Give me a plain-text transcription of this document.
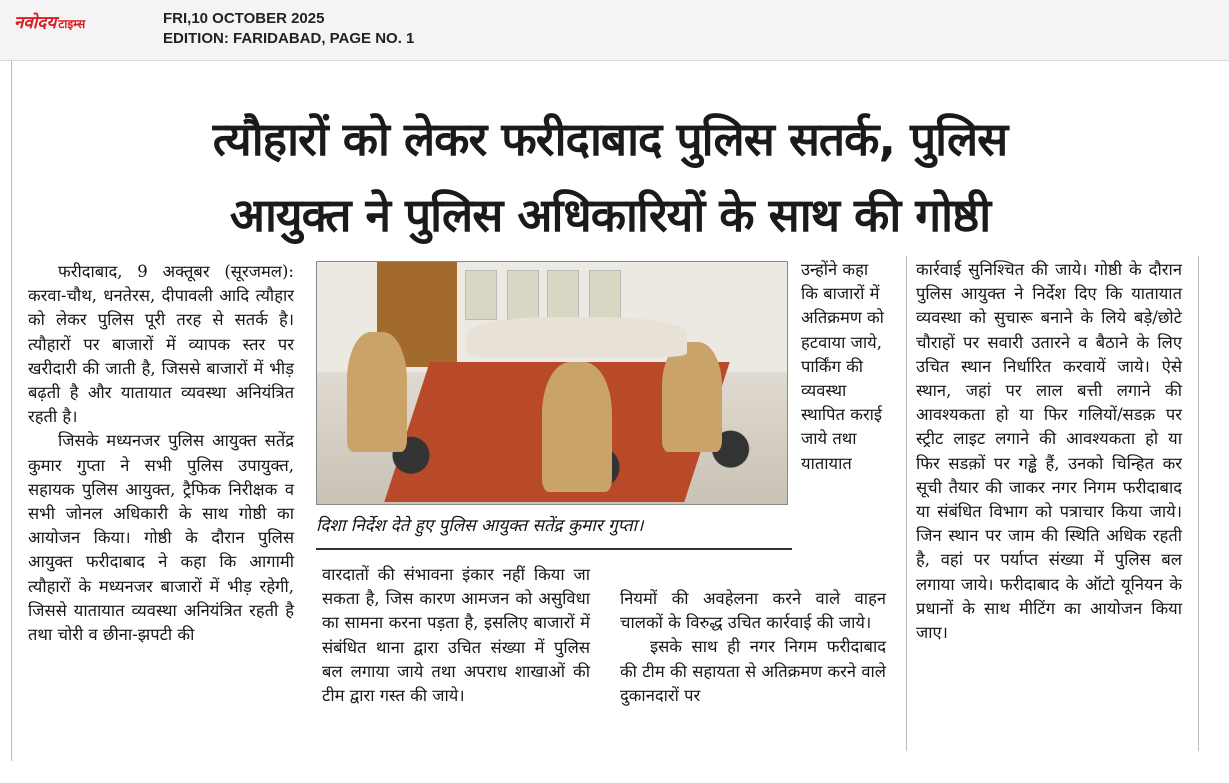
नवोदय टाइम्स	FRI,10 OCTOBER 2025
EDITION: FARIDABAD, PAGE NO. 1
त्यौहारों को लेकर फरीदाबाद पुलिस सतर्क, पुलिस
आयुक्त ने पुलिस अधिकारियों के साथ की गोष्ठी

फरीदाबाद, 9 अक्तूबर (सूरजमल): करवा-चौथ, धनतेरस, दीपावली आदि त्यौहार को लेकर पुलिस पूरी तरह से सतर्क है। त्यौहारों पर बाजारों में व्यापक स्तर पर खरीदारी की जाती है, जिससे बाजारों में भीड़ बढ़ती है और यातायात व्यवस्था अनियंत्रित रहती है।

जिसके मध्यनजर पुलिस आयुक्त सतेंद्र कुमार गुप्ता ने सभी पुलिस उपायुक्त, सहायक पुलिस आयुक्त, ट्रैफिक निरीक्षक व सभी जोनल अधिकारी के साथ गोष्ठी का आयोजन किया। गोष्ठी के दौरान पुलिस आयुक्त फरीदाबाद ने कहा कि आगामी त्यौहारों के मध्यनजर बाजारों में भीड़ रहेगी, जिससे यातायात व्यवस्था अनियंत्रित रहती है तथा चोरी व छीना-झपटी की

दिशा निर्देश देते हुए पुलिस आयुक्त सतेंद्र कुमार गुप्ता।
उन्होंने कहा कि बाजारों में अतिक्रमण को हटवाया जाये, पार्किंग की व्यवस्था स्थापित कराई जाये तथा यातायात

वारदातों की संभावना इंकार नहीं किया जा सकता है, जिस कारण आमजन को असुविधा का सामना करना पड़ता है, इसलिए बाजारों में संबंधित थाना द्वारा उचित संख्या में पुलिस बल लगाया जाये तथा अपराध शाखाओं की टीम द्वारा गस्त की जाये।

नियमों की अवहेलना करने वाले वाहन चालकों के विरुद्ध उचित कार्रवाई की जाये।

इसके साथ ही नगर निगम फरीदाबाद की टीम की सहायता से अतिक्रमण करने वाले दुकानदारों पर

कार्रवाई सुनिश्चित की जाये। गोष्ठी के दौरान पुलिस आयुक्त ने निर्देश दिए कि यातायात व्यवस्था को सुचारू बनाने के लिये बड़े/छोटे चौराहों पर सवारी उतारने व बैठाने के लिए उचित स्थान निर्धारित करवायें जाये। ऐसे स्थान, जहां पर लाल बत्ती लगाने की आवश्यकता हो या फिर गलियों/सडक़ पर स्ट्रीट लाइट लगाने की आवश्यकता हो या फिर सडक़ों पर गड्ढे हैं, उनको चिन्हित कर सूची तैयार की जाकर नगर निगम फरीदाबाद या संबंधित विभाग को पत्राचार किया जाये। जिन स्थान पर जाम की स्थिति अधिक रहती है, वहां पर पर्याप्त संख्या में पुलिस बल लगाया जाये। फरीदाबाद के ऑटो यूनियन के प्रधानों के साथ मीटिंग का आयोजन किया जाए।
